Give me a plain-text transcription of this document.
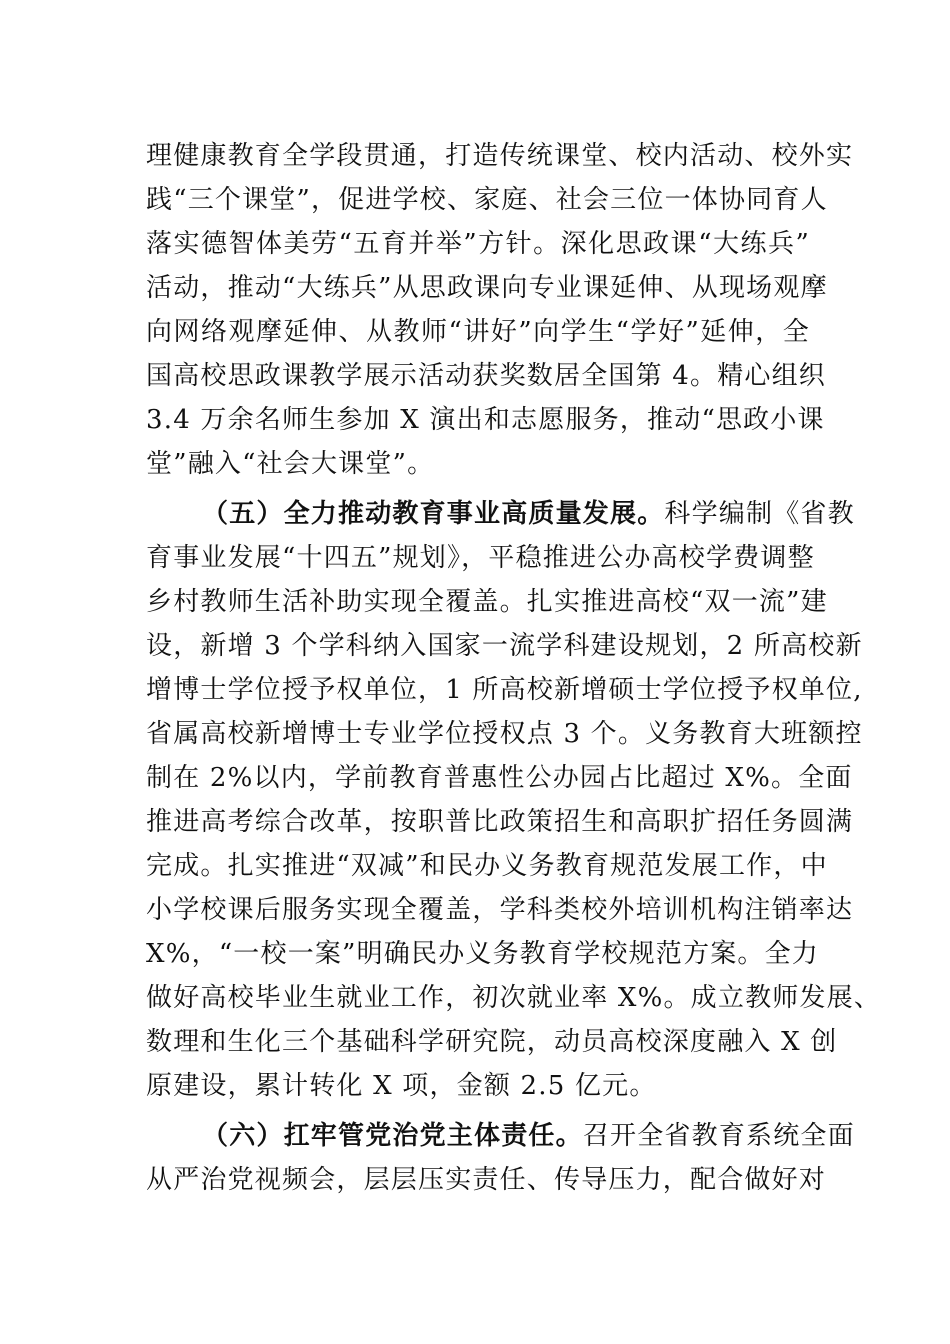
理健康教育全学段贯通，打造传统课堂、校内活动、校外实
践“三个课堂”，促进学校、家庭、社会三位一体协同育人
落实德智体美劳“五育并举”方针。深化思政课“大练兵”
活动，推动“大练兵”从思政课向专业课延伸、从现场观摩
向网络观摩延伸、从教师“讲好”向学生“学好”延伸，全
国高校思政课教学展示活动获奖数居全国第 4。精心组织
3.4 万余名师生参加 X 演出和志愿服务，推动“思政小课
堂”融入“社会大课堂”。
（五）全力推动教育事业高质量发展。科学编制《省教
育事业发展“十四五”规划》，平稳推进公办高校学费调整
乡村教师生活补助实现全覆盖。扎实推进高校“双一流”建
设，新增 3 个学科纳入国家一流学科建设规划，2 所高校新
增博士学位授予权单位，1 所高校新增硕士学位授予权单位,
省属高校新增博士专业学位授权点 3 个。义务教育大班额控
制在 2%以内，学前教育普惠性公办园占比超过 X%。全面
推进高考综合改革，按职普比政策招生和高职扩招任务圆满
完成。扎实推进“双减”和民办义务教育规范发展工作，中
小学校课后服务实现全覆盖，学科类校外培训机构注销率达
X%，“一校一案”明确民办义务教育学校规范方案。全力
做好高校毕业生就业工作，初次就业率 X%。成立教师发展、
数理和生化三个基础科学研究院，动员高校深度融入 X 创
原建设，累计转化 X 项，金额 2.5 亿元。
（六）扛牢管党治党主体责任。召开全省教育系统全面
从严治党视频会，层层压实责任、传导压力，配合做好对
